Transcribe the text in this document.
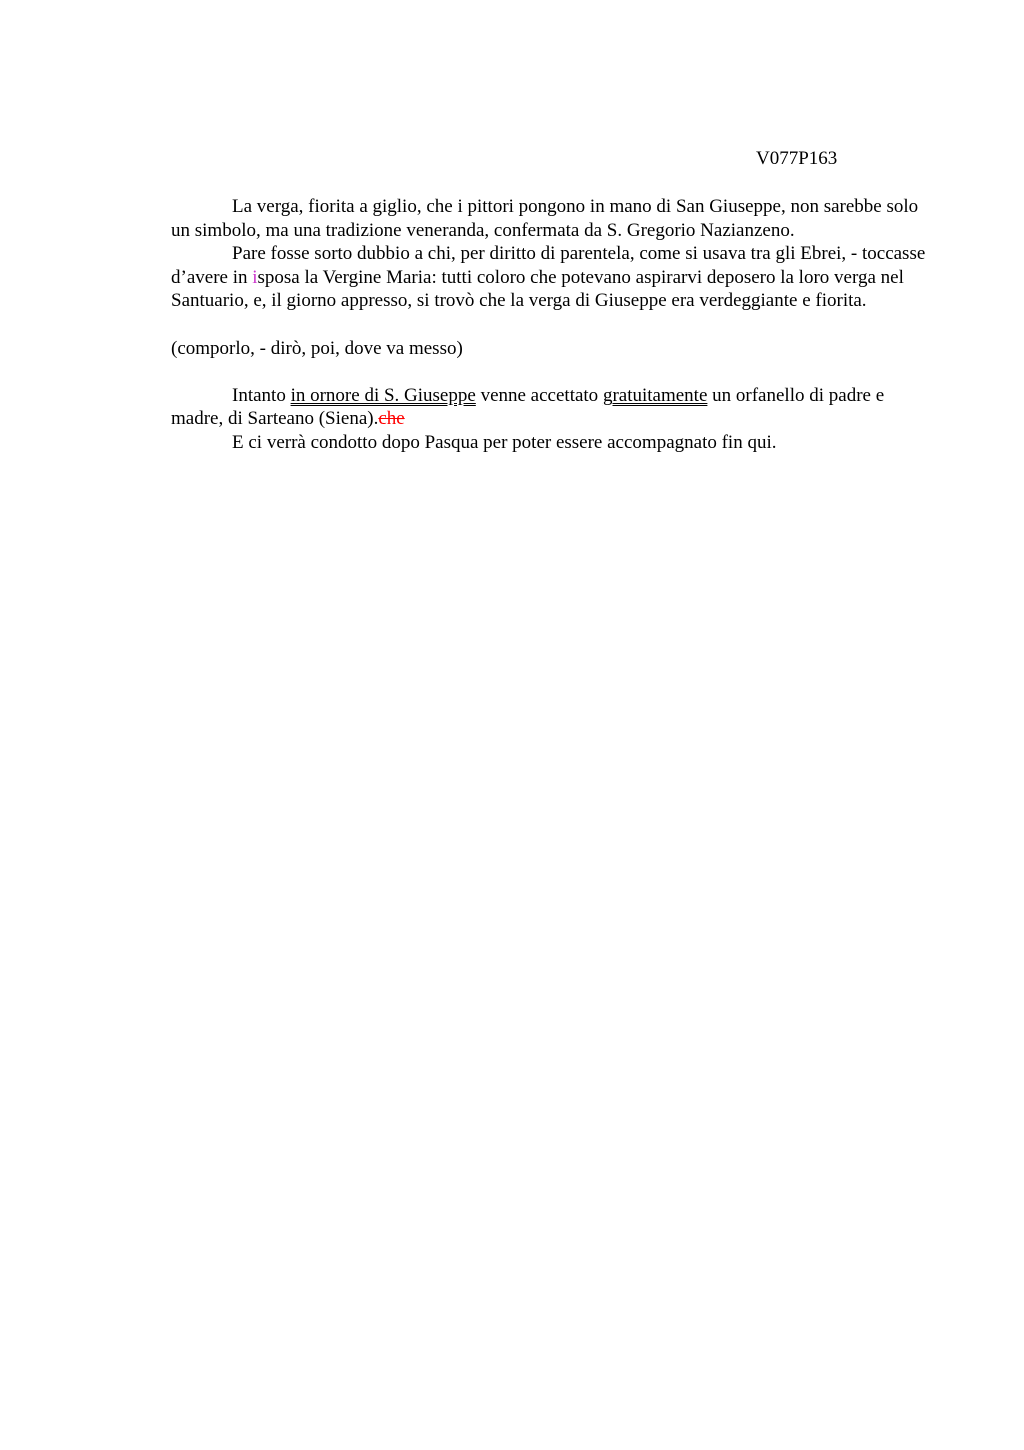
V077P163

La verga, fiorita a giglio, che i pittori pongono in mano di San Giuseppe, non sarebbe solo un simbolo, ma una tradizione veneranda, confermata da S. Gregorio Nazianzeno.

Pare fosse sorto dubbio a chi, per diritto di parentela, come si usava tra gli Ebrei, - toccasse d’avere in isposa la Vergine Maria: tutti coloro che potevano aspirarvi deposero la loro verga nel Santuario, e, il giorno appresso, si trovò che la verga di Giuseppe era verdeggiante e fiorita.

(comporlo, - dirò, poi, dove va messo)

Intanto in ornore di S. Giuseppe venne accettato gratuitamente un orfanello di padre e madre, di Sarteano (Siena).che

E ci verrà condotto dopo Pasqua per poter essere accompagnato fin qui.
